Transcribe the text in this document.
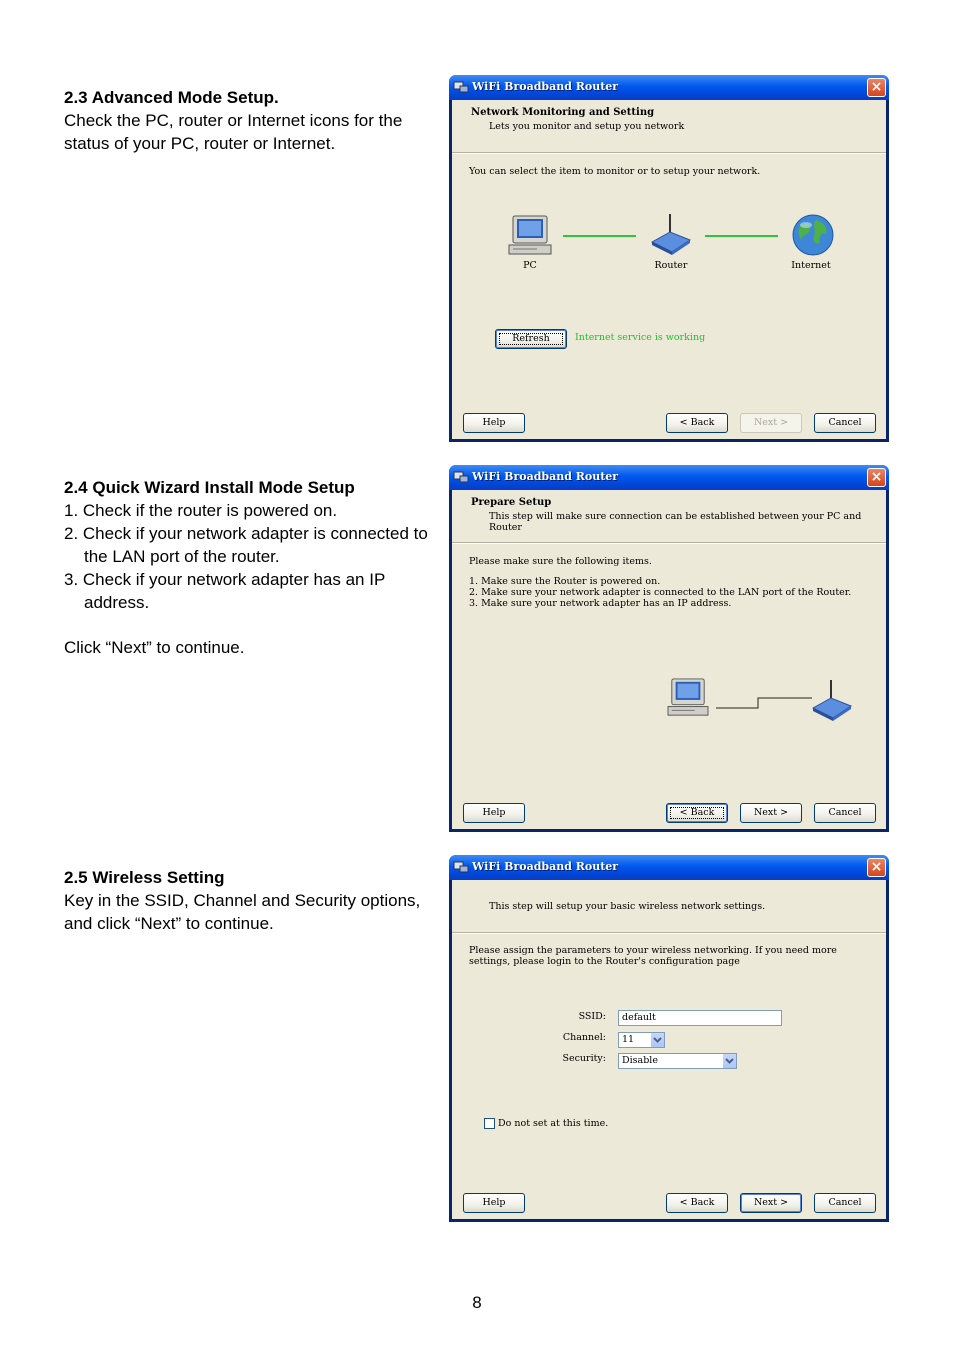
2.3 Advanced Mode Setup.
Check the PC, router or Internet icons for the status of your PC, router or Internet.
2.4 Quick Wizard Install Mode Setup
1. Check if the router is powered on.
2. Check if your network adapter is connected to the LAN port of the router.
3. Check if your network adapter has an IP address.
Click “Next” to continue.
2.5 Wireless Setting
Key in the SSID, Channel and Security options, and click “Next” to continue.
8
WiFi Broadband Router	×
Network Monitoring and Setting
Lets you monitor and setup you network
You can select the item to monitor or to setup your network.
PC	Router	Internet
Refresh	Internet service is working
Help	< Back	Next >	Cancel
WiFi Broadband Router	×
Prepare Setup
This step will make sure connection can be established between your PC and Router
Please make sure the following items.
1. Make sure the Router is powered on.
2. Make sure your network adapter is connected to the LAN port of the Router.
3. Make sure your network adapter has an IP address.
Help	< Back	Next >	Cancel
WiFi Broadband Router	×
This step will setup your basic wireless network settings.
Please assign the parameters to your wireless networking. If you need more settings, please login to the Router's configuration page
SSID:	default
Channel:	11
Security:	Disable
Do not set at this time.
Help	< Back	Next >	Cancel
